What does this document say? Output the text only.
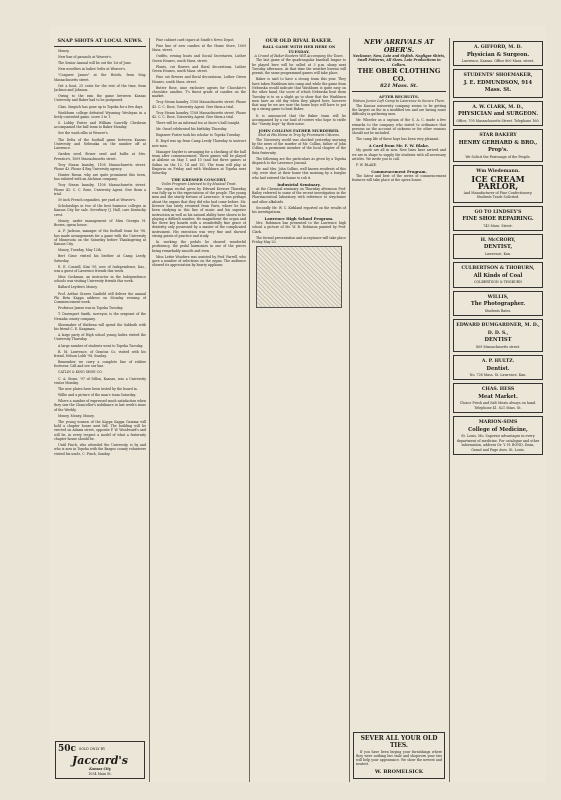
SNAP SHOTS AT LOCAL NEWS.

Money.

New line of parasols at Weaver's.

The Senior Annual will be out the 1st of June.

New novelties in ladies' belts at Weaver's.

"Conjurer James" at the Hotels, from May, Massachusetts street.

Get a boat, 25 cents for the rest of the time, from Jackson and Johnson.

Owing to the rain the game between Kansas University and Baker had to be postponed.

Chas. Simpich has gone up to Topeka for a few days.

Washburn college defeated Wyoming Wesleyan in a lively contested game, score 3 to 1.

S. Lobby Foster and William Conrelly Chesbrun accompanied the ball team to Baker Monday.

See the wash silks at Weaver's.

The Delta of the football game between Kansas University and Nebraska on the number off at Lawrence.

Garden seed, flower seed and bulbs at Mrs. Prentice's, 1009 Massachusetts street.

Troy Steam laundry, 1108 Massachusetts street. Phone 43. Phone 4 Bay University agency.

Hunter Rusus. why are quite prominent this town, has enlisted with an Atchison company.

Troy Steam laundry, 1108 Massachusetts street. Phone 43. C. C. Rose, University Agent. Give them a trial.

50 inch French organdies, per yard at Weaver's.

Scholarships in two of the best business colleges in Kansas City for sale. Severbury (J. Hall, care Kentucky crest.

Money, under management of Miss Georgia H. Brown, opens house.

A. F. Jackson, manager of the football team for '98, has made arrangements for a game with the University of Minnesota on the Saturday before Thanksgiving at Kansas City.

Money, Tuesday, May 12th.

Bert Gisse visited his brother at Camp Leedy, Saturday.

E. E. Connell, Kim '95, now of Independence, Kas., was a guest of Lawrence friends this week.

Miss Cushman, an instructor in the Independence schools was visiting University friends this week.

Ballard Leyden's Money.

Prof. Arthur Graves Canfield will deliver the annual Phi Beta Kappa address on Monday evening of Commencement week.

Professor James was in Topeka Tuesday.

T. Davenport Smith, surveyor, is the sergeant of the Nemaha county company.

Shoemaker of Wathena will spend the Sabbath with his friend C. E. Knapman.

A large party of High school young ladies visited the University Thursday.

A large number of students went to Topeka Tuesday.

R. M. Lawrence, of Grantus Co. visited with his friend, Nelson Lobb '98, Sunday.

Remember we carry a complete line of rubber footwear. Call and see our line.

CATLIN & KING SHOE CO.

C. A. Stone, '97 of Dillon, Kansas, was a University visitor Monday.

The new plates have been tested by the board in.

Willie and a picture of the man's team Saturday.

Where a number of expressed much satisfaction when they saw the Chancellor's nobiliance in last week's issue of the Weekly.

Money, Money, Money.

The young women of the Kappa Kappa Gamma will hold a chapter house next fall. The building will be erected on Adams street, opposite F. W. Woodward's and will be, in every respect a model of what a fraternity chapter house should be.

Until Finch, who attended the University, is by and who is now in Topeka with the Bargeo county volunteers visited his uncle, C. Finch, Sunday.

50c SOLD ONLY BY
Jaccard's
Kansas City
1034 Main St.

Fine cabinet card cigars at Smith's News Depot.

Fine line of new candies at the Home Store, 1009 Mass. street.

Outfits, rowing boats and Social Secretaries, Luther Green Houses, south Mass. street.

Plants, cut flowers and floral decorations, Luther Green Houses, south Mass. street.

Fine cut flowers and floral decorations, Luther Green Houses, south Mass. street.

Butter Rose, nine exclusive agents for Chocolate's chocolate candies. T's finest grade of candies on the market.

Troy Steam laundry, 1108 Massachusetts street. Phone 43. C. C. Rose, University Agent. Give them a trial.

Troy Steam laundry, 1108 Massachusetts street. Phone 43. C. C. Rose, University Agent. Give them a trial.

There will be an informal tea at Snow's hall tonight.

Mr. Onsel celebrated his birthday Thursday.

Engineer Foster took his scholar to Topeka Tuesday.

E. Boyd was up from Camp Leedy Thursday to instruct new men.

Manager Snyder is arranging for a checking of the ball team after commencement. Three games will be played at Abilene on May 1 and 10 (and but three games at Salina on the 13, 14 and 15). The team will play at Emporia on Friday and with Washburn at Topeka next Saturday.

THE KRESSER CONCERT.
Violin Program Listened to by Musical Treat.

The organ recital given by Edward Kresser Thursday was fully up to the expectations of the people. The young men and the sturdy fortune of Lawrence, it was perhaps about the organs that they did who had come before. Mr. Kresser has lately returned from Paris, where he has been studying in this line of music and his superior instruction as well as his natural ability have shown to be playing a difficult number. He magnificent the organ and the three key boards with a wonderfully fine grace of dexterity only possessed by a master of the complicated instrument. His execution was very fine and showed strong points of practice and study.

In working the pedals he showed wonderful proficiency, the pedal harmonies in one of the pieces being remarkably smooth and even.

Miss Lettie Wooders was assisted by Prof. Farrell, who gave a number of selections on the organ. The audience showed its appreciation by hearty applause.

OUR OLD RIVAL BAKER.
BALL GAME WITH HER HERE ON TUESDAY.
A Crowd of Baker Rooters Will Accompany the Team.

The last game of the quadrangular baseball league to be played here will be called at 3 p.m. sharp next Tuesday afternoon. At that time the weather bureau will permit, the same programmed games will take place.

Baker is said to have a strong team this year. They have taken Washburn into camp and while the game from Nebraska would indicate that Washburn is quite easy on the other hand, the score of which Nebraska beat them Tuesday is to us a slight go to show that the Washburn men have an old day when they played here, however that may be we are sure the home boys will have to put up a strong game to beat Baker.

It is announced that the Baker team will be accompanied by a car load of rooters who hope to rattle the "Varsity boys" by their noise.

JOHN COLLINS FATHER MURDERED.
Shot at His Home in Troy by Prominent Citizens.

The University world was shocked yesterday morning by the news of the murder of Mr. Collins, father of John Collins, a prominent member of the local chapter of the Beta fraternity.

The following are the particulars as given by a Topeka dispatch to the Lawrence Journal.

Mr. and Mrs. John Collins, well known residents of this city, were shot at their home this morning by a burglar who had entered the house to rob it.

Industrial Seminary.

At the Chemical seminary on Thursday afternoon Prof. Bailey referred to some of the recent investigation in the Pharmaceutical laboratory with reference to strychnine and other alkaloids.

Secondly Mr. W. C. Kirkland reported on the results of his investigations.

Lawrence High School Program.

Mrs. Robinson has presented to the Lawrence high school a picture of Mr. W. B. Robinson painted by Prof. Clark.

The formal presentation and acceptance will take place Friday May 20.

NEW ARRIVALS AT OBER'S.
Neckwear, New, Late and Stylish. Negligee Shirts, Swell Patterns, All Sizes. Late Productions in Collars.
THE OBER CLOTHING CO.
821 Mass. St.
AFTER RECRUITS.
Watson Junior Left Camp to Lawrence to Secure Them.

The Kansas university company seems to be getting the largest on the in a modified ten and are having some difficulty in gathering men.

Mr. Wheeler as a captain of the S. A. C. made a few remarks to the company who stated to ordinance that persons on the account of sickness or for other reasons should not be included.

The camp life of these boys has been very pleasant.

A Card from Mr. F. W. Blake.

My goods are all in now. New lines have arrived and we are in shape to supply the students with all necessary articles. We invite you to call.

F. W. BLAKE.

Commencement Program.

The latest and best of the series of commencement features will take place at the opera house.

SEVER ALL YOUR OLD TIES.

If you have been buying your furnishings where they were nothing but stale and shopworn your ties will help your appearance. We show the newest and neatest.

W. BROMELSICK
A. GIFFORD, M. D.
Physician & Surgeon.
Lawrence, Kansas. Office 800 Mass. street.
STUDENTS' SHOEMAKER,
J. E. EDMUNDSON, 914 Mass. St.
A. W. CLARK, M. D.,
PHYSICIAN and SURGEON.
Office, 705 Massachusetts Street. Telephone 160.
STAR BAKERY
HENRY GERHARD & BRO., Prop's.
We Solicit the Patronage of the People.
Wm Wiedemann.
ICE CREAM PARLOR,
And Manufacturer of Fine Confectionery. Students Trade Solicited.
GO TO LINDSEY'S
FINE SHOE REPAIRING.
743 Mass. Street.
H. McCRORY,
DENTIST,
Lawrence, Kan.
CULBERTSON & THOBURN,
All Kinds of Coal
COLBERTSON & THOBURN
WILLIS,
The Photographer.
Students Rates.
EDWARD BUMGARDNER, M. D., D. D. S.,
DENTIST
809 Massachusetts street.
A. P. HULTZ.
Dentist.
No. 728 Mass. St. Lawrence, Kan.
CHAS. HESS
Meat Market.
Choice Fresh and Salt Meats always on hand. Telephone 41. 821 Mass. St.
MARION-SIMS
College of Medicine,
St. Louis, Mo. Superior advantages in every department of medicine. For catalogue and other information, address Dr. Y. H. BOND, Dean, Grand and Page Aves. St. Louis.
